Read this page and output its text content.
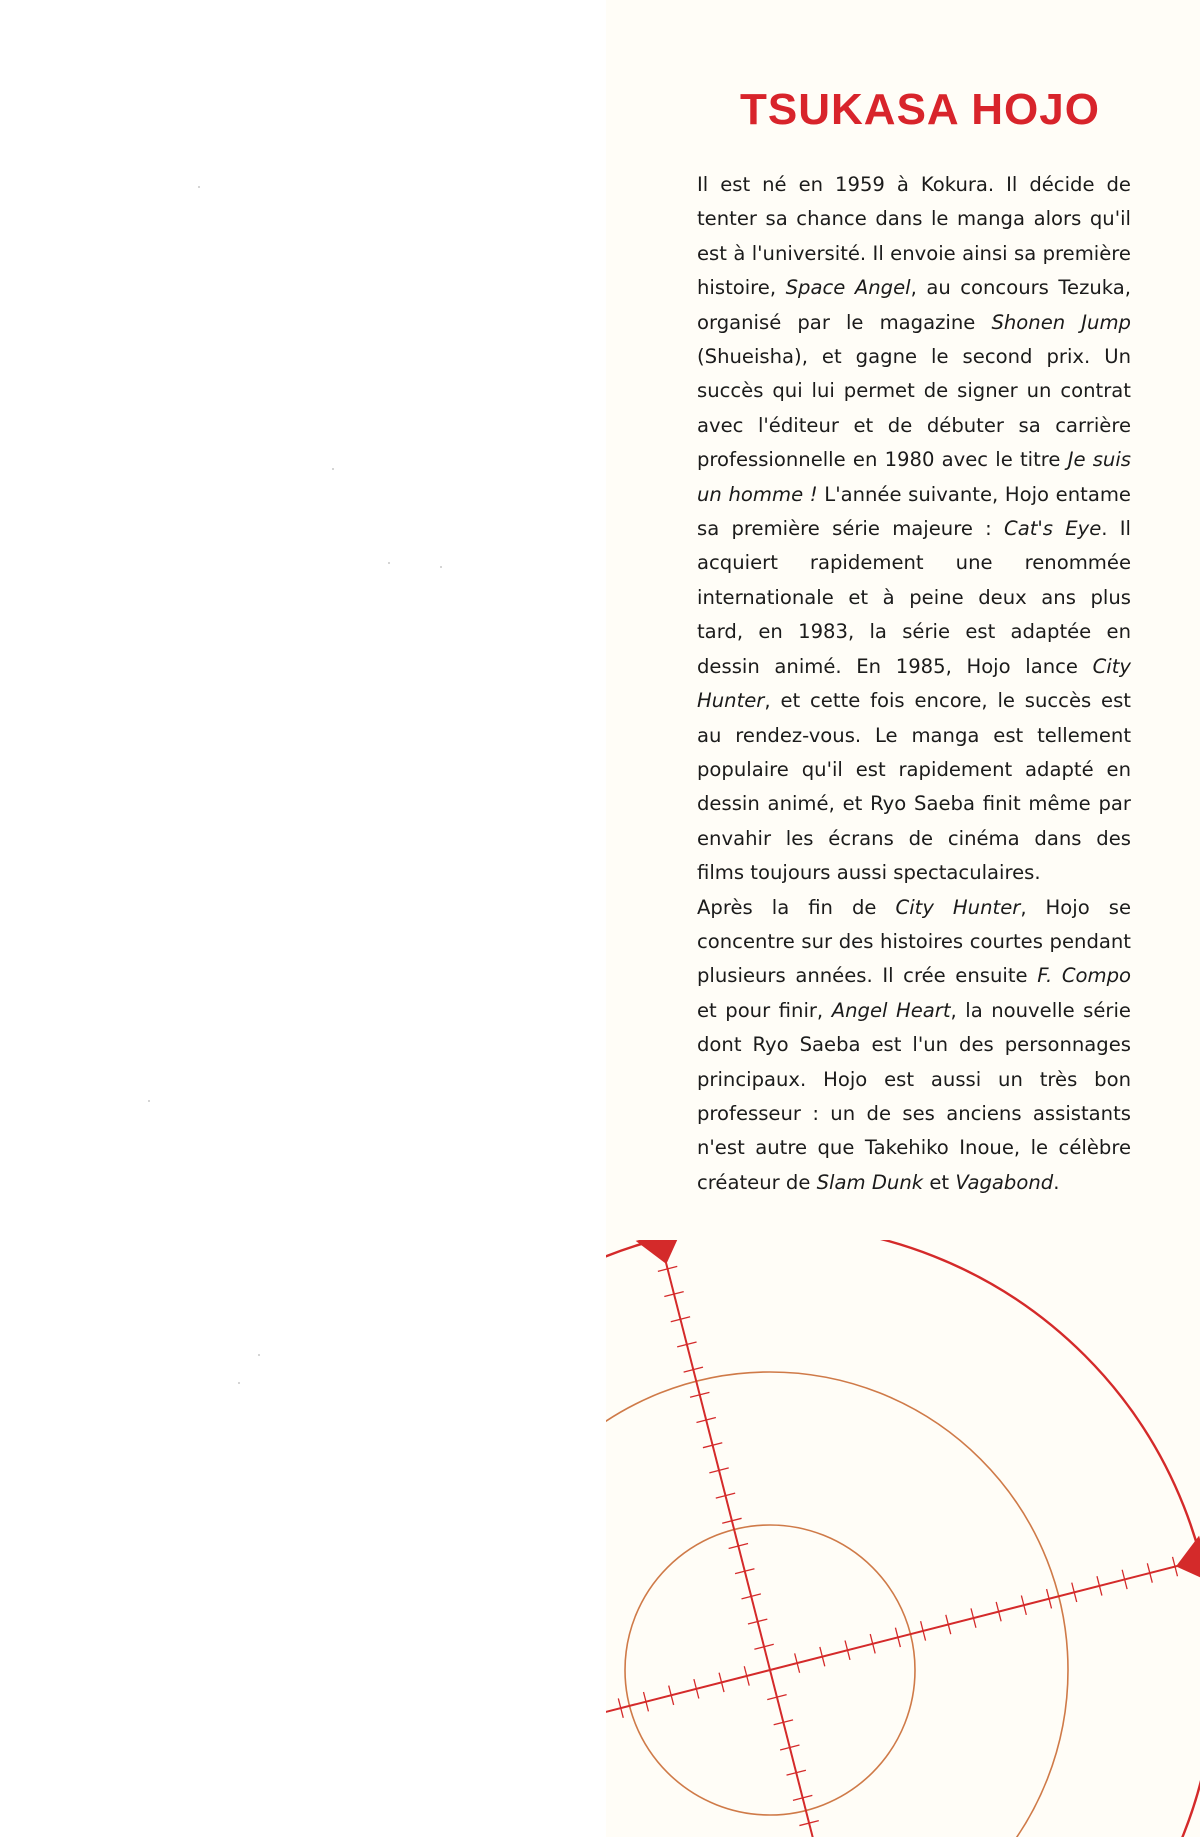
TSUKASA HOJO

Il est né en 1959 à Kokura. Il décide de tenter sa chance dans le manga alors qu'il est à l'université. Il envoie ainsi sa première histoire, Space Angel, au concours Tezuka, organisé par le magazine Shonen Jump (Shueisha), et gagne le second prix. Un succès qui lui permet de signer un contrat avec l'éditeur et de débuter sa carrière professionnelle en 1980 avec le titre Je suis un homme ! L'année suivante, Hojo entame sa première série majeure : Cat's Eye. Il acquiert rapidement une renommée internationale et à peine deux ans plus tard, en 1983, la série est adaptée en dessin animé. En 1985, Hojo lance City Hunter, et cette fois encore, le succès est au rendez-vous. Le manga est tellement populaire qu'il est rapidement adapté en dessin animé, et Ryo Saeba finit même par envahir les écrans de cinéma dans des films toujours aussi spectaculaires.

Après la fin de City Hunter, Hojo se concentre sur des histoires courtes pendant plusieurs années. Il crée ensuite F. Compo et pour finir, Angel Heart, la nouvelle série dont Ryo Saeba est l'un des personnages principaux. Hojo est aussi un très bon professeur : un de ses anciens assistants n'est autre que Takehiko Inoue, le célèbre créateur de Slam Dunk et Vagabond.
